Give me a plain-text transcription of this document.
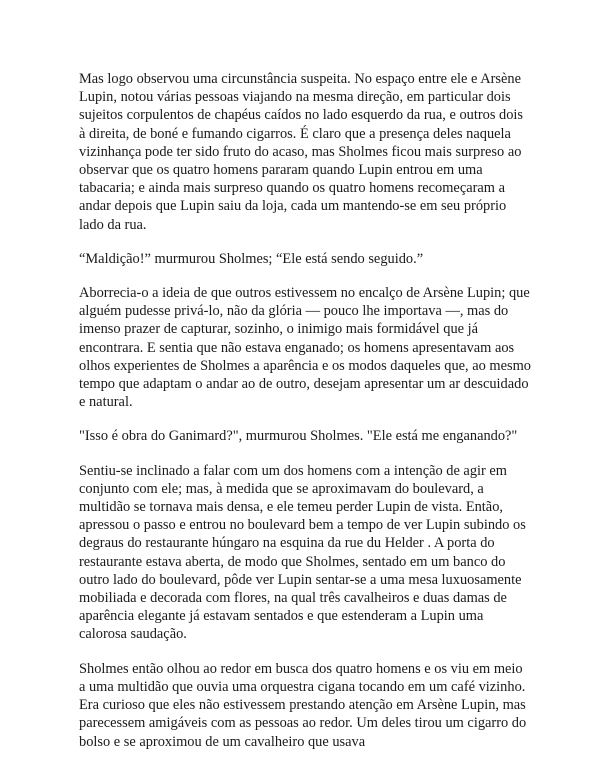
Mas logo observou uma circunstância suspeita. No espaço entre ele e Arsène Lupin, notou várias pessoas viajando na mesma direção, em particular dois sujeitos corpulentos de chapéus caídos no lado esquerdo da rua, e outros dois à direita, de boné e fumando cigarros. É claro que a presença deles naquela vizinhança pode ter sido fruto do acaso, mas Sholmes ficou mais surpreso ao observar que os quatro homens pararam quando Lupin entrou em uma tabacaria; e ainda mais surpreso quando os quatro homens recomeçaram a andar depois que Lupin saiu da loja, cada um mantendo-se em seu próprio lado da rua.

“Maldição!” murmurou Sholmes; “Ele está sendo seguido.”

Aborrecia-o a ideia de que outros estivessem no encalço de Arsène Lupin; que alguém pudesse privá-lo, não da glória — pouco lhe importava —, mas do imenso prazer de capturar, sozinho, o inimigo mais formidável que já encontrara. E sentia que não estava enganado; os homens apresentavam aos olhos experientes de Sholmes a aparência e os modos daqueles que, ao mesmo tempo que adaptam o andar ao de outro, desejam apresentar um ar descuidado e natural.

"Isso é obra do Ganimard?", murmurou Sholmes. "Ele está me enganando?"

Sentiu-se inclinado a falar com um dos homens com a intenção de agir em conjunto com ele; mas, à medida que se aproximavam do boulevard, a multidão se tornava mais densa, e ele temeu perder Lupin de vista. Então, apressou o passo e entrou no boulevard bem a tempo de ver Lupin subindo os degraus do restaurante húngaro na esquina da rue du Helder . A porta do restaurante estava aberta, de modo que Sholmes, sentado em um banco do outro lado do boulevard, pôde ver Lupin sentar-se a uma mesa luxuosamente mobiliada e decorada com flores, na qual três cavalheiros e duas damas de aparência elegante já estavam sentados e que estenderam a Lupin uma calorosa saudação.

Sholmes então olhou ao redor em busca dos quatro homens e os viu em meio a uma multidão que ouvia uma orquestra cigana tocando em um café vizinho. Era curioso que eles não estivessem prestando atenção em Arsène Lupin, mas parecessem amigáveis com as pessoas ao redor. Um deles tirou um cigarro do bolso e se aproximou de um cavalheiro que usava
